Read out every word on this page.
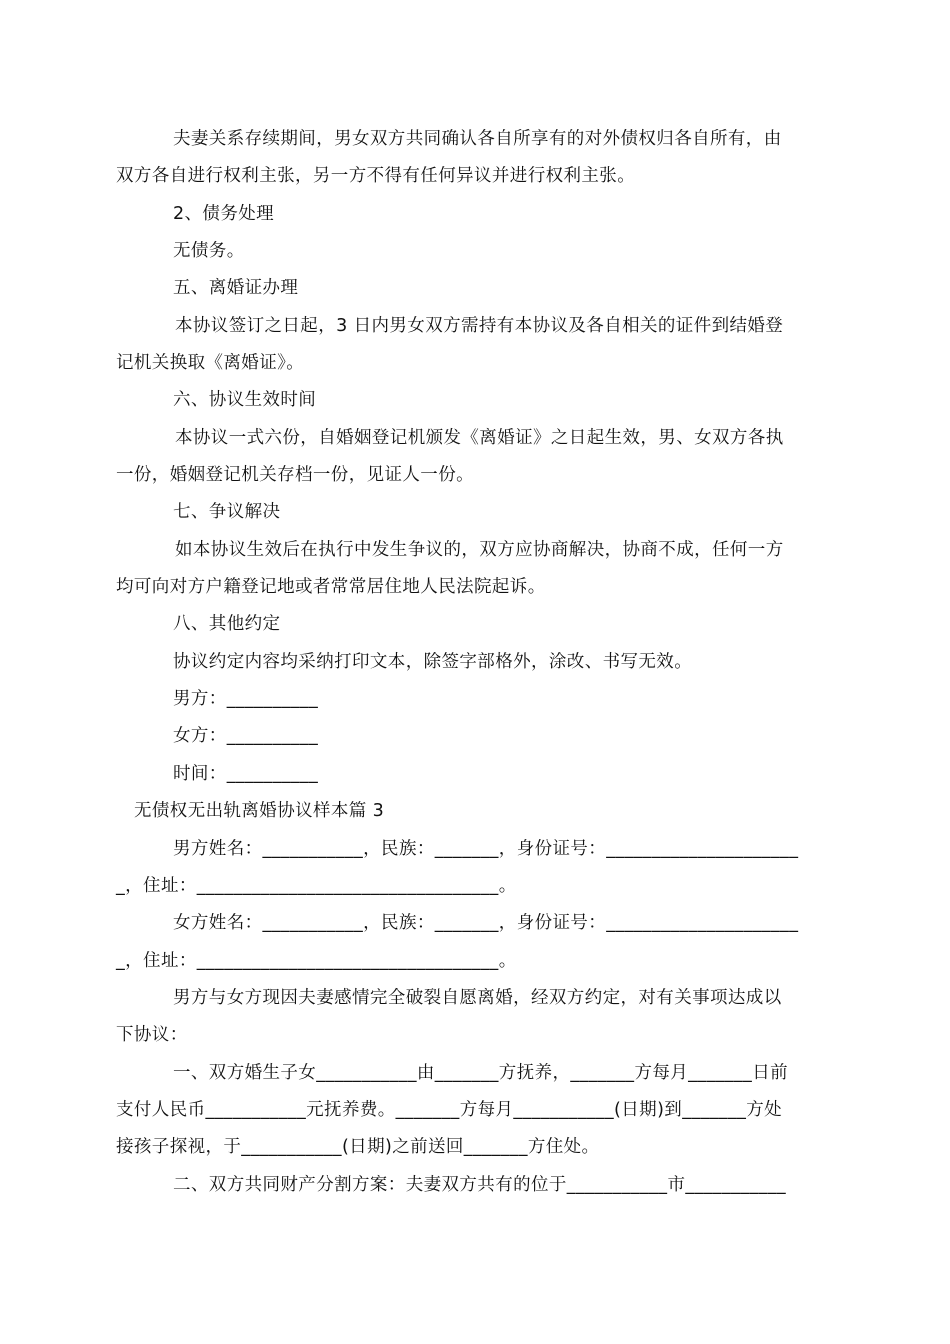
夫妻关系存续期间，男女双方共同确认各自所享有的对外债权归各自所有，由
双方各自进行权利主张，另一方不得有任何异议并进行权利主张。
2、债务处理
无债务。
五、离婚证办理
本协议签订之日起，3 日内男女双方需持有本协议及各自相关的证件到结婚登
记机关换取《离婚证》。
六、协议生效时间
本协议一式六份，自婚姻登记机颁发《离婚证》之日起生效，男、女双方各执
一份，婚姻登记机关存档一份，见证人一份。
七、争议解决
如本协议生效后在执行中发生争议的，双方应协商解决，协商不成，任何一方
均可向对方户籍登记地或者常常居住地人民法院起诉。
八、其他约定
协议约定内容均采纳打印文本，除签字部格外，涂改、书写无效。
男方：__________
女方：__________
时间：__________
无债权无出轨离婚协议样本篇 3
男方姓名：___________，民族：_______，身份证号：_____________________
_，住址：_________________________________。
女方姓名：___________，民族：_______，身份证号：_____________________
_，住址：_________________________________。
男方与女方现因夫妻感情完全破裂自愿离婚，经双方约定，对有关事项达成以
下协议：
一、双方婚生子女___________由_______方抚养，_______方每月_______日前
支付人民币___________元抚养费。_______方每月___________(日期)到_______方处
接孩子探视，于___________(日期)之前送回_______方住处。
二、双方共同财产分割方案：夫妻双方共有的位于___________市___________
